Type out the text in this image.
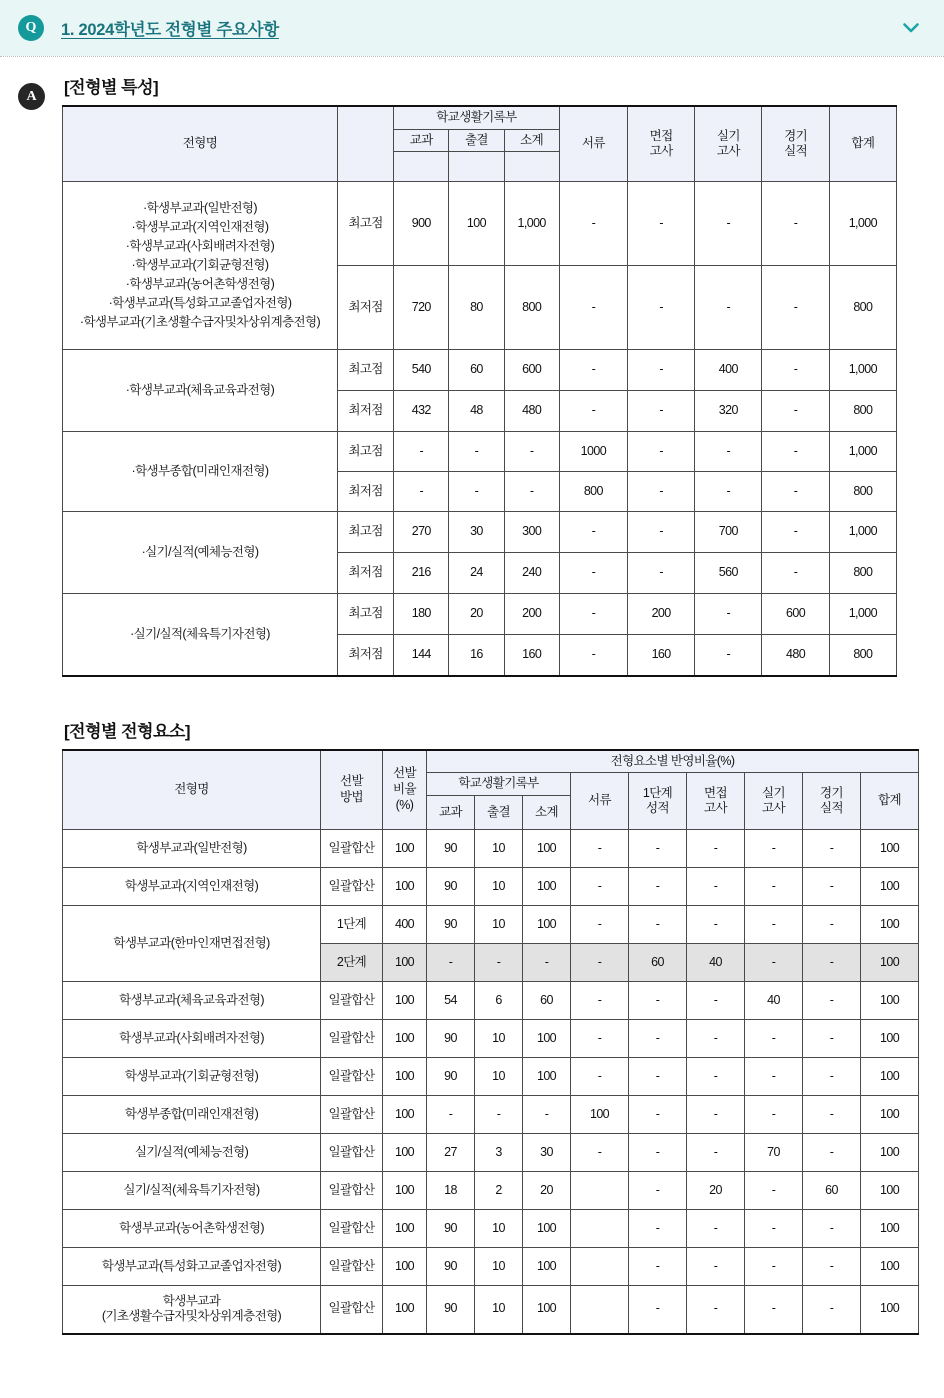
Q	1. 2024학년도 전형별 주요사항
A	[전형별 특성]
전형명		학교생활기록부			서류	면접
고사	실기
고사	경기
실적	합계
		교과	출결	소계					

·학생부교과(일반전형)
·학생부교과(지역인재전형)
·학생부교과(사회배려자전형)
·학생부교과(기회균형전형)
·학생부교과(농어촌학생전형)
·학생부교과(특성화고교졸업자전형)
·학생부교과(기초생활수급자및차상위계층전형)
	최고점	900	100	1,000	-	-	-	-	1,000
	최저점	720	80	800	-	-	-	-	800

·학생부교과(체육교육과전형)	최고점	540	60	600	-	-	400	-	1,000
	최저점	432	48	480	-	-	320	-	800

·학생부종합(미래인재전형)	최고점	-	-	-	1000	-	-	-	1,000
	최저점	-	-	-	800	-	-	-	800

·실기/실적(예체능전형)	최고점	270	30	300	-	-	700	-	1,000
	최저점	216	24	240	-	-	560	-	800

·실기/실적(체육특기자전형)	최고점	180	20	200	-	200	-	600	1,000
	최저점	144	16	160	-	160	-	480	800
[전형별 전형요소]
전형명	선발
방법	선발
비율
(%)	전형요소별 반영비율(%)								
			학교생활기록부			서류	1단계
성적	면접
고사	실기
고사	경기
실적	합계
			교과	출결	소계						

학생부교과(일반전형)	일괄합산	100	90	10	100	-	-	-	-	-	100

학생부교과(지역인재전형)	일괄합산	100	90	10	100	-	-	-	-	-	100

학생부교과(한마인재면접전형)	1단계	400	90	10	100	-	-	-	-	-	100
	2단계	100	-	-	-	-	60	40	-	-	100

학생부교과(체육교육과전형)	일괄합산	100	54	6	60	-	-	-	40	-	100

학생부교과(사회배려자전형)	일괄합산	100	90	10	100	-	-	-	-	-	100

학생부교과(기회균형전형)	일괄합산	100	90	10	100	-	-	-	-	-	100

학생부종합(미래인재전형)	일괄합산	100	-	-	-	100	-	-	-	-	100

실기/실적(예체능전형)	일괄합산	100	27	3	30	-	-	-	70	-	100

실기/실적(체육특기자전형)	일괄합산	100	18	2	20		-	20	-	60	100

학생부교과(농어촌학생전형)	일괄합산	100	90	10	100		-	-	-	-	100

학생부교과(특성화고교졸업자전형)	일괄합산	100	90	10	100		-	-	-	-	100

학생부교과
(기초생활수급자및차상위계층전형)	일괄합산	100	90	10	100		-	-	-	-	100
